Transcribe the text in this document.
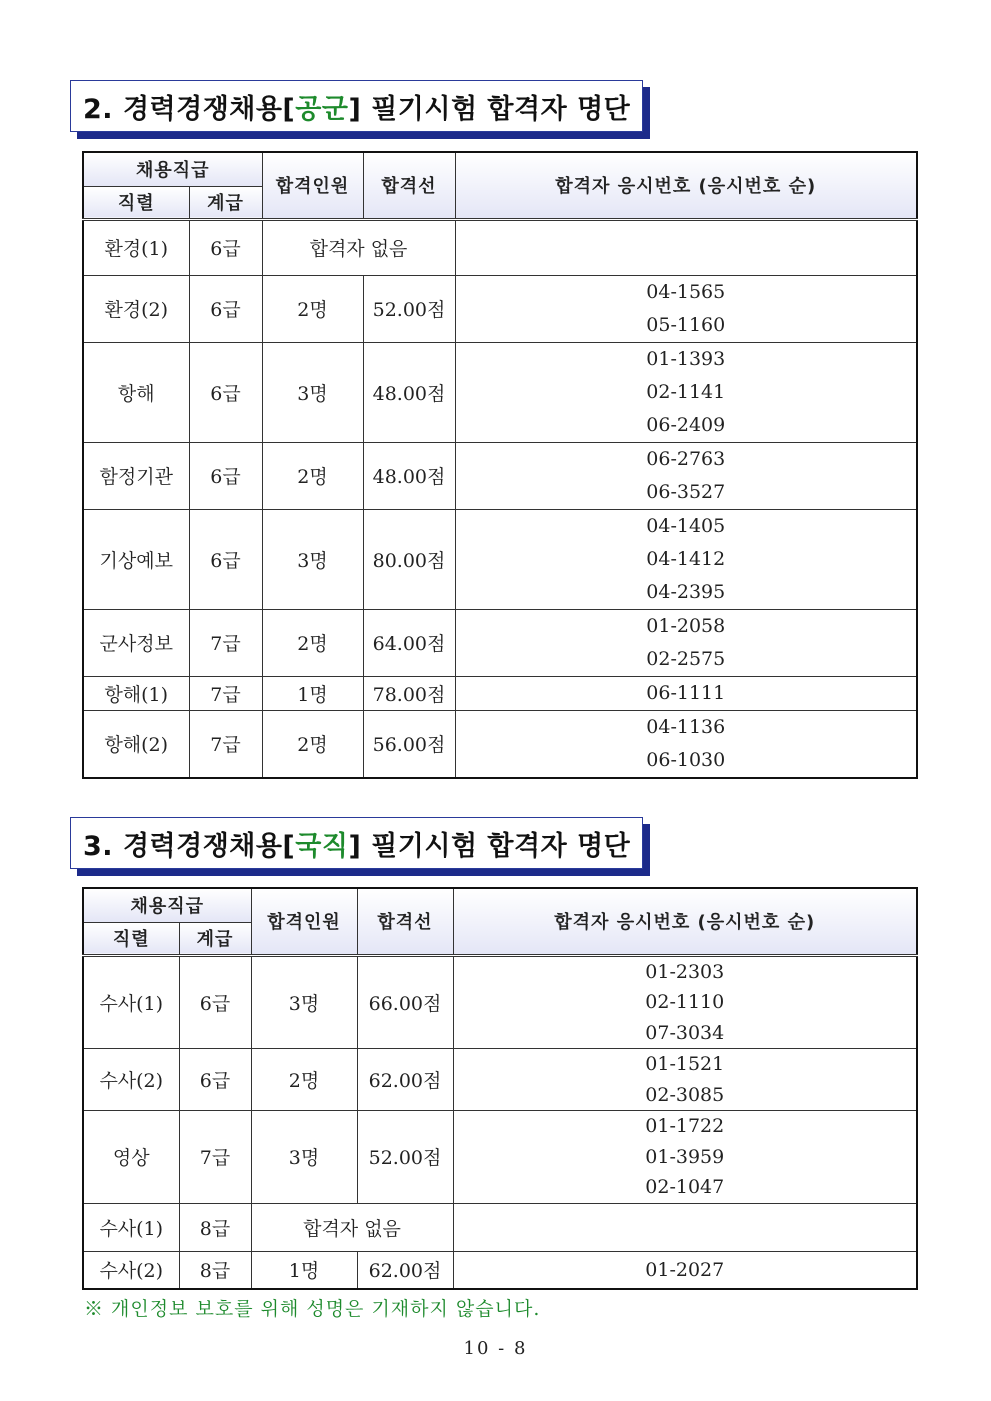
2. 경력경쟁채용[ 공군 ] 필기시험 합격자 명단
채용직급		합격인원	합격선	합격자 응시번호 (응시번호 순)
직렬	계급			
환경(1)	6급	합격자 없음		
환경(2)	6급	2명	52.00점	04-1565
05-1160

항해	6급	3명	48.00점	01-1393
02-1141
06-2409

함정기관	6급	2명	48.00점	06-2763
06-3527

기상예보	6급	3명	80.00점	04-1405
04-1412
04-2395

군사정보	7급	2명	64.00점	01-2058
02-2575

항해(1)	7급	1명	78.00점	06-1111

항해(2)	7급	2명	56.00점	04-1136
06-1030
3. 경력경쟁채용[ 국직 ] 필기시험 합격자 명단
채용직급		합격인원	합격선	합격자 응시번호 (응시번호 순)
직렬	계급			
수사(1)	6급	3명	66.00점	01-2303
02-1110
07-3034

수사(2)	6급	2명	62.00점	01-1521
02-3085

영상	7급	3명	52.00점	01-1722
01-3959
02-1047

수사(1)	8급	합격자 없음		
수사(2)	8급	1명	62.00점	01-2027
※ 개인정보 보호를 위해 성명은 기재하지 않습니다.
10 - 8
